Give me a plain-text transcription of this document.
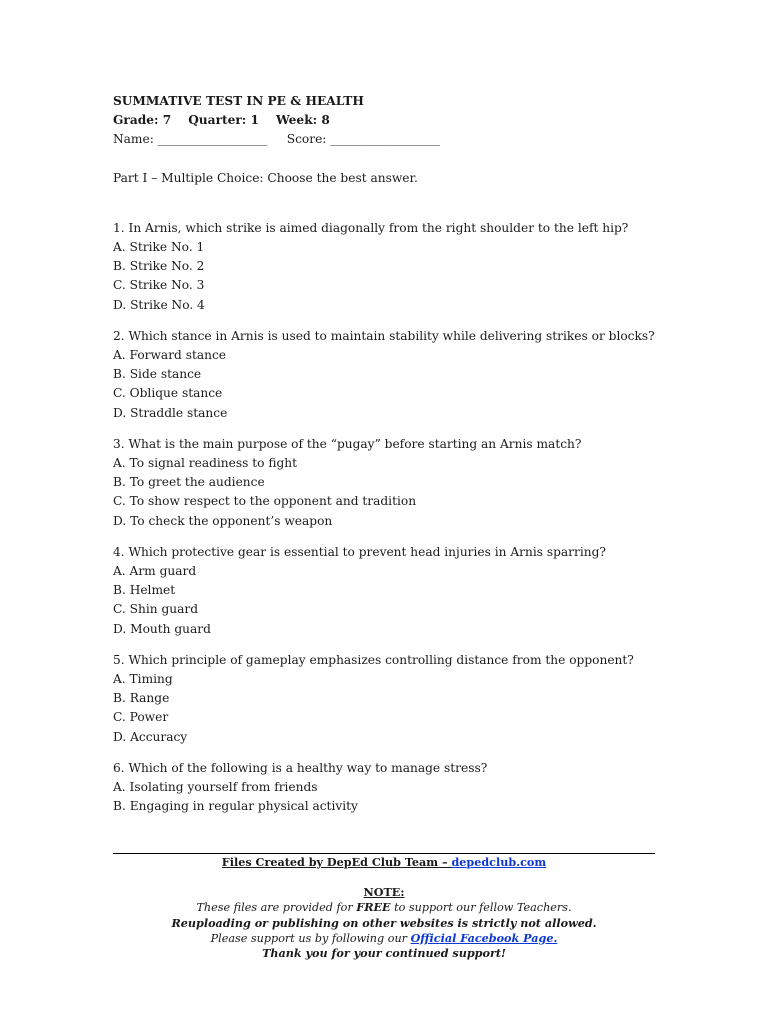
SUMMATIVE TEST IN PE & HEALTH
Grade: 7    Quarter: 1    Week: 8
Name: __________________     Score: __________________
Part I – Multiple Choice: Choose the best answer.
1. In Arnis, which strike is aimed diagonally from the right shoulder to the left hip?
A. Strike No. 1
B. Strike No. 2
C. Strike No. 3
D. Strike No. 4
2. Which stance in Arnis is used to maintain stability while delivering strikes or blocks?
A. Forward stance
B. Side stance
C. Oblique stance
D. Straddle stance
3. What is the main purpose of the “pugay” before starting an Arnis match?
A. To signal readiness to fight
B. To greet the audience
C. To show respect to the opponent and tradition
D. To check the opponent’s weapon
4. Which protective gear is essential to prevent head injuries in Arnis sparring?
A. Arm guard
B. Helmet
C. Shin guard
D. Mouth guard
5. Which principle of gameplay emphasizes controlling distance from the opponent?
A. Timing
B. Range
C. Power
D. Accuracy
6. Which of the following is a healthy way to manage stress?
A. Isolating yourself from friends
B. Engaging in regular physical activity
Files Created by DepEd Club Team – depedclub.com
NOTE:
These files are provided for FREE to support our fellow Teachers.
Reuploading or publishing on other websites is strictly not allowed.
Please support us by following our Official Facebook Page.
Thank you for your continued support!
